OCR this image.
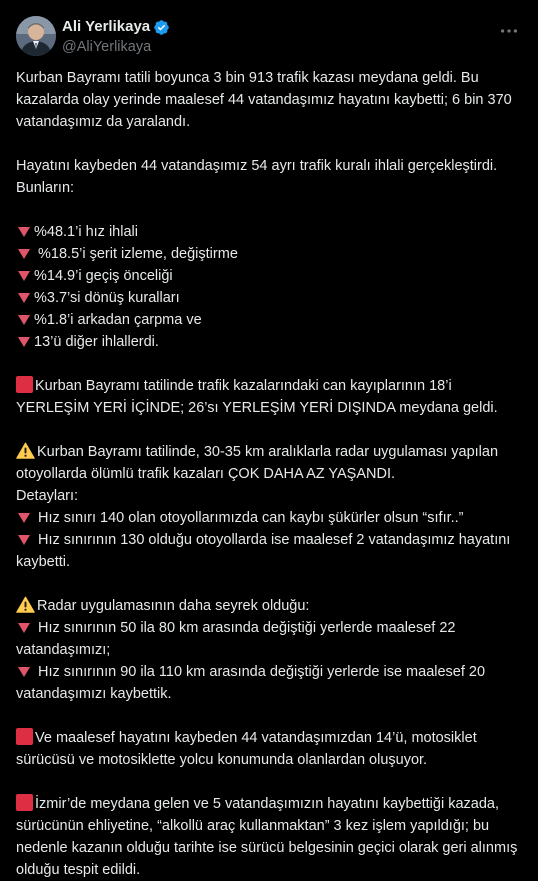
Ali Yerlikaya
@AliYerlikaya

Kurban Bayramı tatili boyunca 3 bin 913 trafik kazası meydana geldi. Bu kazalarda olay yerinde maalesef 44 vatandaşımız hayatını kaybetti; 6 bin 370 vatandaşımız da yaralandı.

Hayatını kaybeden 44 vatandaşımız 54 ayrı trafik kuralı ihlali gerçekleştirdi. Bunların:

%48.1’i hız ihlali
%18.5’i şerit izleme, değiştirme
%14.9’i geçiş önceliği
%3.7’si dönüş kuralları
%1.8’i arkadan çarpma ve
13’ü diğer ihlallerdi.

Kurban Bayramı tatilinde trafik kazalarındaki can kayıplarının 18’i YERLEŞİM YERİ İÇİNDE; 26’sı YERLEŞİM YERİ DIŞINDA meydana geldi.

Kurban Bayramı tatilinde, 30-35 km aralıklarla radar uygulaması yapılan otoyollarda ölümlü trafik kazaları ÇOK DAHA AZ YAŞANDI.

Detayları:
Hız sınırı 140 olan otoyollarımızda can kaybı şükürler olsun “sıfır..”
Hız sınırının 130 olduğu otoyollarda ise maalesef 2 vatandaşımız hayatını kaybetti.

Radar uygulamasının daha seyrek olduğu:

Hız sınırının 50 ila 80 km arasında değiştiği yerlerde maalesef 22 vatandaşımızı;
Hız sınırının 90 ila 110 km arasında değiştiği yerlerde ise maalesef 20 vatandaşımızı kaybettik.

Ve maalesef hayatını kaybeden 44 vatandaşımızdan 14’ü, motosiklet sürücüsü ve motosiklette yolcu konumunda olanlardan oluşuyor.

İzmir’de meydana gelen ve 5 vatandaşımızın hayatını kaybettiği kazada, sürücünün ehliyetine, “alkollü araç kullanmaktan” 3 kez işlem yapıldığı; bu nedenle kazanın olduğu tarihte ise sürücü belgesinin geçici olarak geri alınmış olduğu tespit edildi.
